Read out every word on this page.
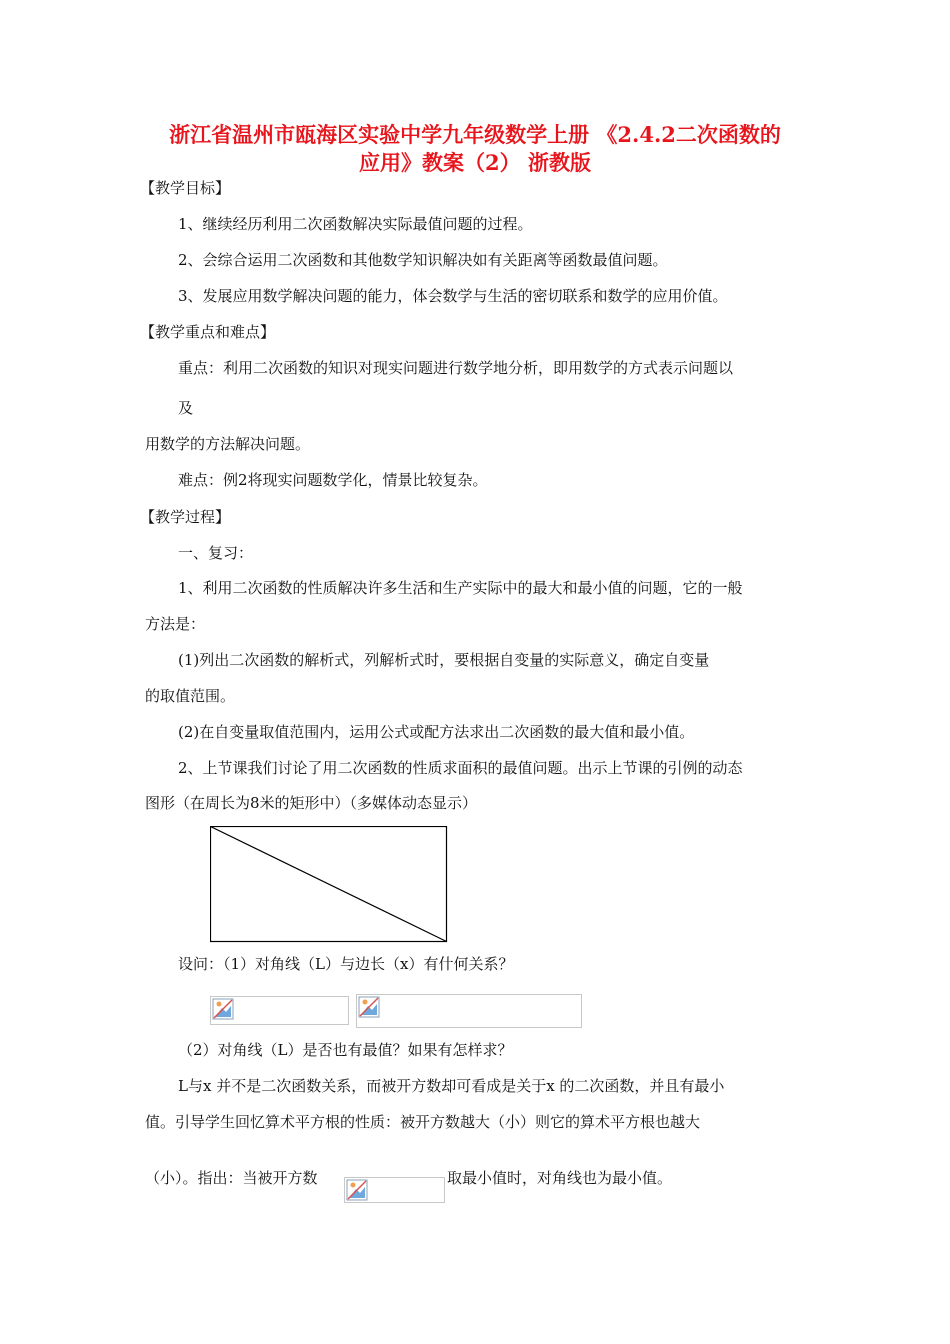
浙江省温州市瓯海区实验中学九年级数学上册 《2.4.2二次函数的
应用》教案（2） 浙教版
【教学目标】
1、继续经历利用二次函数解决实际最值问题的过程。
2、会综合运用二次函数和其他数学知识解决如有关距离等函数最值问题。
3、发展应用数学解决问题的能力，体会数学与生活的密切联系和数学的应用价值。
【教学重点和难点】
重点：利用二次函数的知识对现实问题进行数学地分析，即用数学的方式表示问题以
及
用数学的方法解决问题。
难点：例2将现实问题数学化，情景比较复杂。
【教学过程】
一、复习：
1、利用二次函数的性质解决许多生活和生产实际中的最大和最小值的问题，它的一般
方法是：
(1)列出二次函数的解析式，列解析式时，要根据自变量的实际意义，确定自变量
的取值范围。
(2)在自变量取值范围内，运用公式或配方法求出二次函数的最大值和最小值。
2、上节课我们讨论了用二次函数的性质求面积的最值问题。出示上节课的引例的动态
图形（在周长为8米的矩形中）（多媒体动态显示）
设问：（1）对角线（L）与边长（x）有什何关系？
（2）对角线（L）是否也有最值？如果有怎样求？
L与x 并不是二次函数关系，而被开方数却可看成是关于x 的二次函数，并且有最小
值。引导学生回忆算术平方根的性质：被开方数越大（小）则它的算术平方根也越大
（小）。指出：当被开方数	取最小值时，对角线也为最小值。
